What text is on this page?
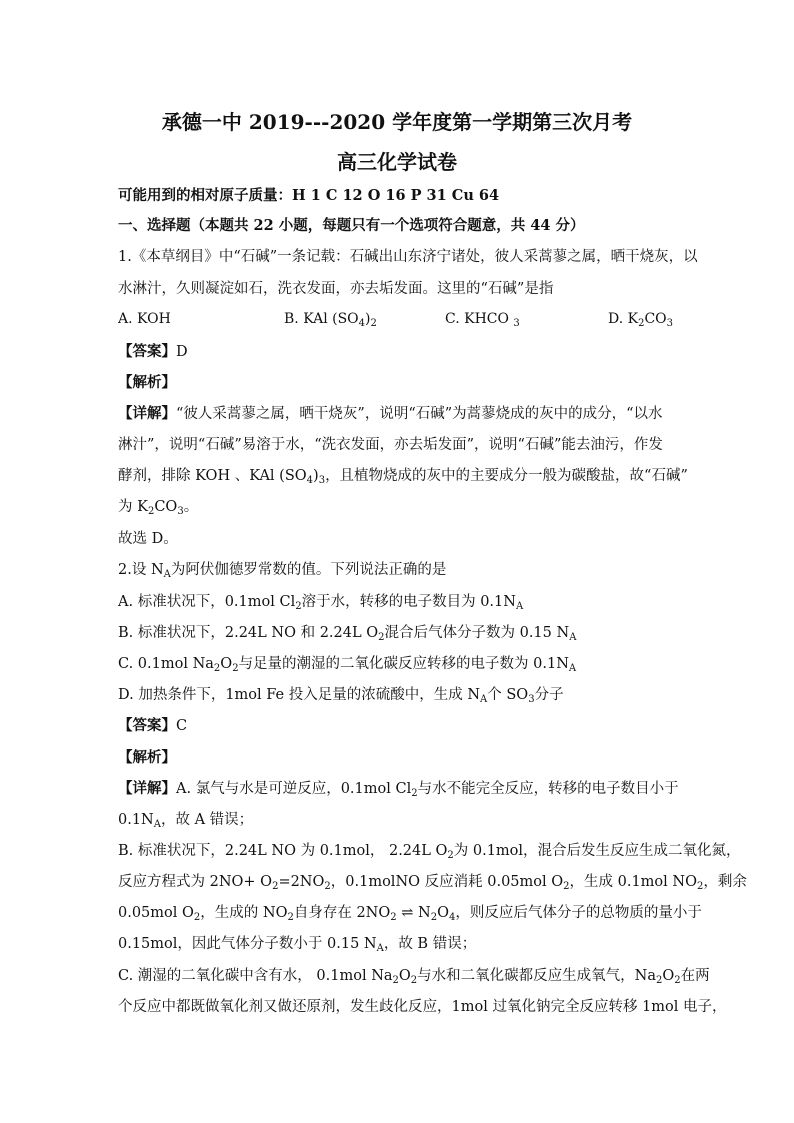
承德一中 2019---2020 学年度第一学期第三次月考
高三化学试卷
可能用到的相对原子质量：H 1 C 12 O 16 P 31 Cu 64
一、选择题（本题共 22 小题，每题只有一个选项符合题意，共 44 分）
1.《本草纲目》中“石碱”一条记载：石碱出山东济宁诸处，彼人采蒿蓼之属，晒干烧灰，以
水淋汁，久则凝淀如石，洗衣发面，亦去垢发面。这里的“石碱”是指
A. KOH	B. KAl $(SO_4)_2$	C. KHCO $_3$	D. $K_2CO_3$
【答案】D
【解析】
【详解】“彼人采蒿蓼之属，晒干烧灰”，说明“石碱”为蒿蓼烧成的灰中的成分，“以水
淋汁”，说明“石碱”易溶于水，“洗衣发面，亦去垢发面”，说明“石碱”能去油污，作发
酵剂，排除 KOH 、KAl $(SO_4)_3$，且植物烧成的灰中的主要成分一般为碳酸盐，故“石碱”
为 $K_2CO_3$。
故选 D。
2.设 $N_A$为阿伏伽德罗常数的值。下列说法正确的是
A. 标准状况下，0.1mol $Cl_2$溶于水，转移的电子数目为 $0.1N_A$
B. 标准状况下，2.24L NO 和 2.24L $O_2$混合后气体分子数为 0.15 $N_A$
C. 0.1mol $Na_2O_2$与足量的潮湿的二氧化碳反应转移的电子数为 $0.1N_A$
D. 加热条件下，1mol Fe 投入足量的浓硫酸中，生成 $N_A$个 $SO_3$分子
【答案】C
【解析】
【详解】A. 氯气与水是可逆反应，0.1mol $Cl_2$与水不能完全反应，转移的电子数目小于
$0.1N_A$，故 A 错误；
B. 标准状况下，2.24L NO 为 0.1mol， 2.24L $O_2$为 0.1mol，混合后发生反应生成二氧化氮，
反应方程式为 $2NO+ O_2=2NO_2$，0.1molNO 反应消耗 0.05mol $O_2$，生成 0.1mol $NO_2$，剩余
0.05mol $O_2$，生成的 $NO_2$自身存在 $2NO_2$ ⇌ $N_2O_4$，则反应后气体分子的总物质的量小于
0.15mol，因此气体分子数小于 0.15 $N_A$，故 B 错误；
C. 潮湿的二氧化碳中含有水， 0.1mol $Na_2O_2$与水和二氧化碳都反应生成氧气，$Na_2O_2$在两
个反应中都既做氧化剂又做还原剂，发生歧化反应，1mol 过氧化钠完全反应转移 1mol 电子，
